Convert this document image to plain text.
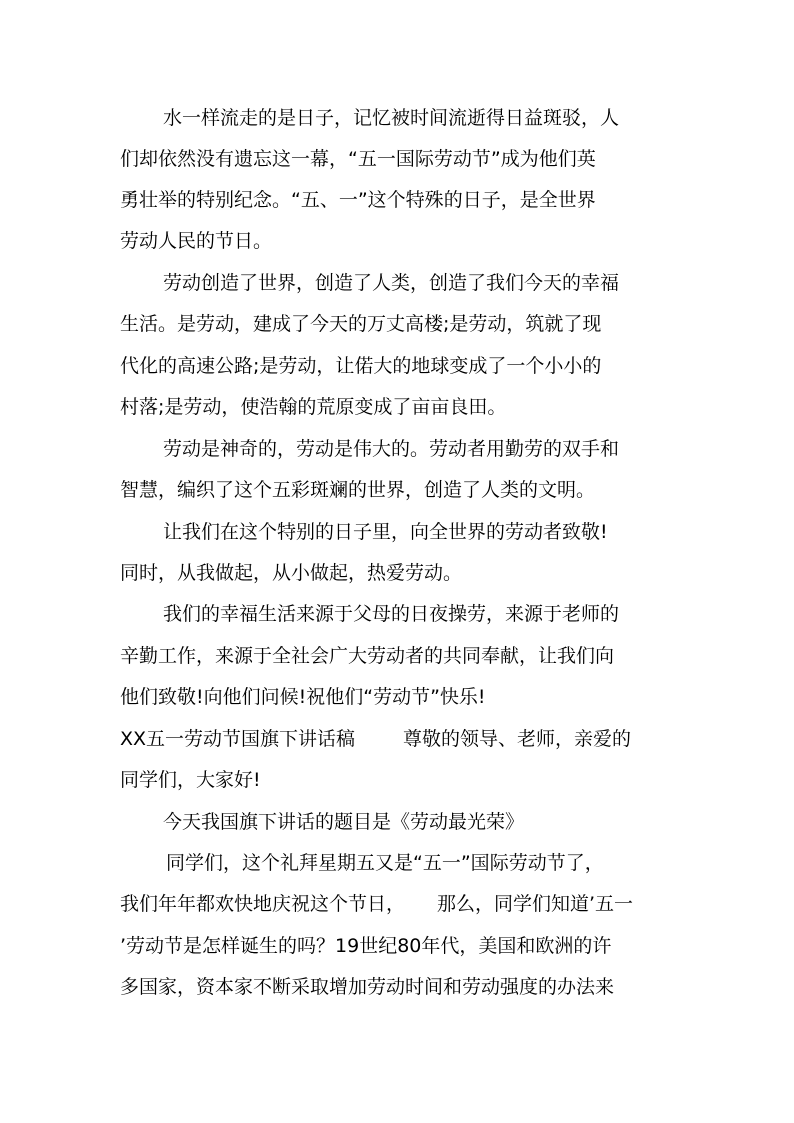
水一样流走的是日子，记忆被时间流逝得日益斑驳，人
们却依然没有遗忘这一幕，“五一国际劳动节”成为他们英
勇壮举的特别纪念。“五、一”这个特殊的日子，是全世界
劳动人民的节日。
劳动创造了世界，创造了人类，创造了我们今天的幸福
生活。是劳动，建成了今天的万丈高楼;是劳动，筑就了现
代化的高速公路;是劳动，让偌大的地球变成了一个小小的
村落;是劳动，使浩翰的荒原变成了亩亩良田。
劳动是神奇的，劳动是伟大的。劳动者用勤劳的双手和
智慧，编织了这个五彩斑斓的世界，创造了人类的文明。
让我们在这个特别的日子里，向全世界的劳动者致敬!
同时，从我做起，从小做起，热爱劳动。
我们的幸福生活来源于父母的日夜操劳，来源于老师的
辛勤工作，来源于全社会广大劳动者的共同奉献，让我们向
他们致敬!向他们问候!祝他们“劳动节”快乐!
XX五一劳动节国旗下讲话稿	尊敬的领导、老师，亲爱的
同学们，大家好!
今天我国旗下讲话的题目是《劳动最光荣》
同学们，这个礼拜星期五又是“五一”国际劳动节了，
我们年年都欢快地庆祝这个节日， 那么，同学们知道’五一
’劳动节是怎样诞生的吗？19世纪80年代，美国和欧洲的许
多国家，资本家不断采取增加劳动时间和劳动强度的办法来
